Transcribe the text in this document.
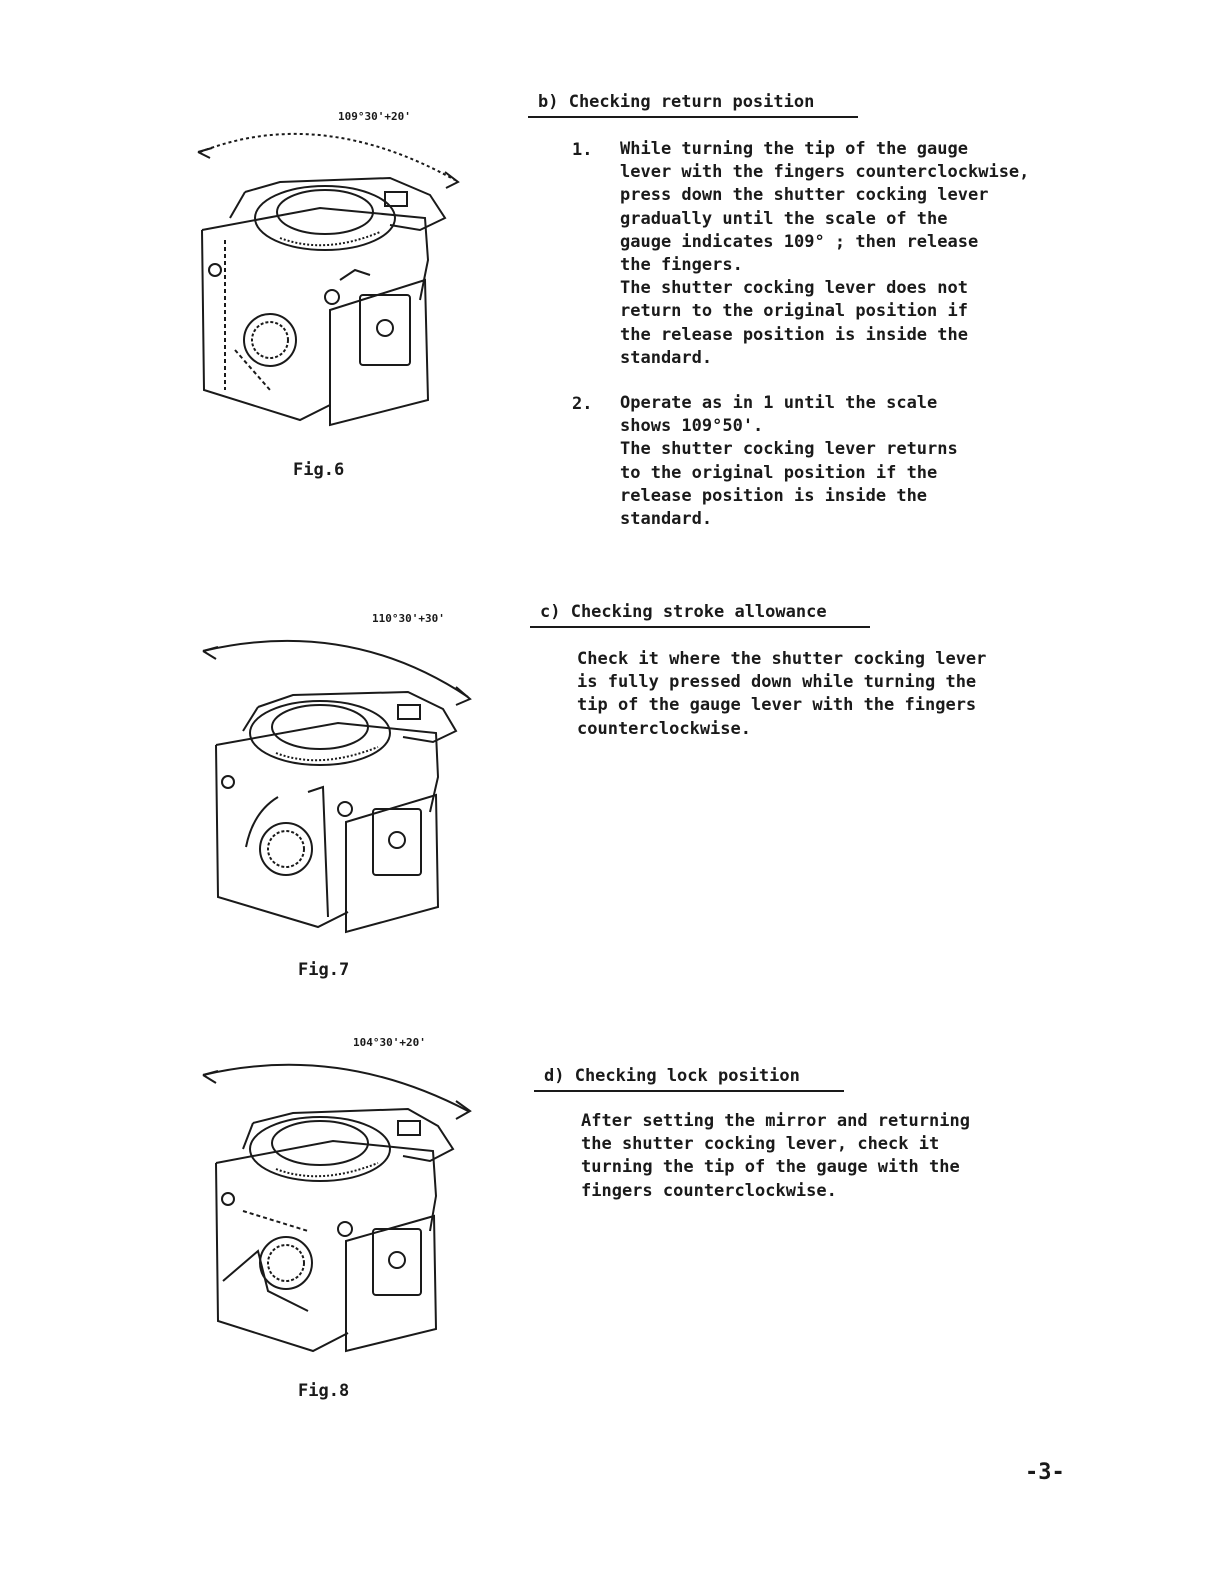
109°30'+20'
Fig.6
110°30'+30'
Fig.7
104°30'+20'
Fig.8
b) Checking return position
1. While turning the tip of the gauge
lever with the fingers counterclockwise,
press down the shutter cocking lever
gradually until the scale of the
gauge indicates 109° ; then release
the fingers.
The shutter cocking lever does not
return to the original position if
the release position is inside the
standard.
2. Operate as in 1 until the scale
shows 109°50'.
The shutter cocking lever returns
to the original position if the
release position is inside the
standard.
c) Checking stroke allowance
Check it where the shutter cocking lever
is fully pressed down while turning the
tip of the gauge lever with the fingers
counterclockwise.
d) Checking lock position
After setting the mirror and returning
the shutter cocking lever, check it
turning the tip of the gauge with the
fingers counterclockwise.
-3-
